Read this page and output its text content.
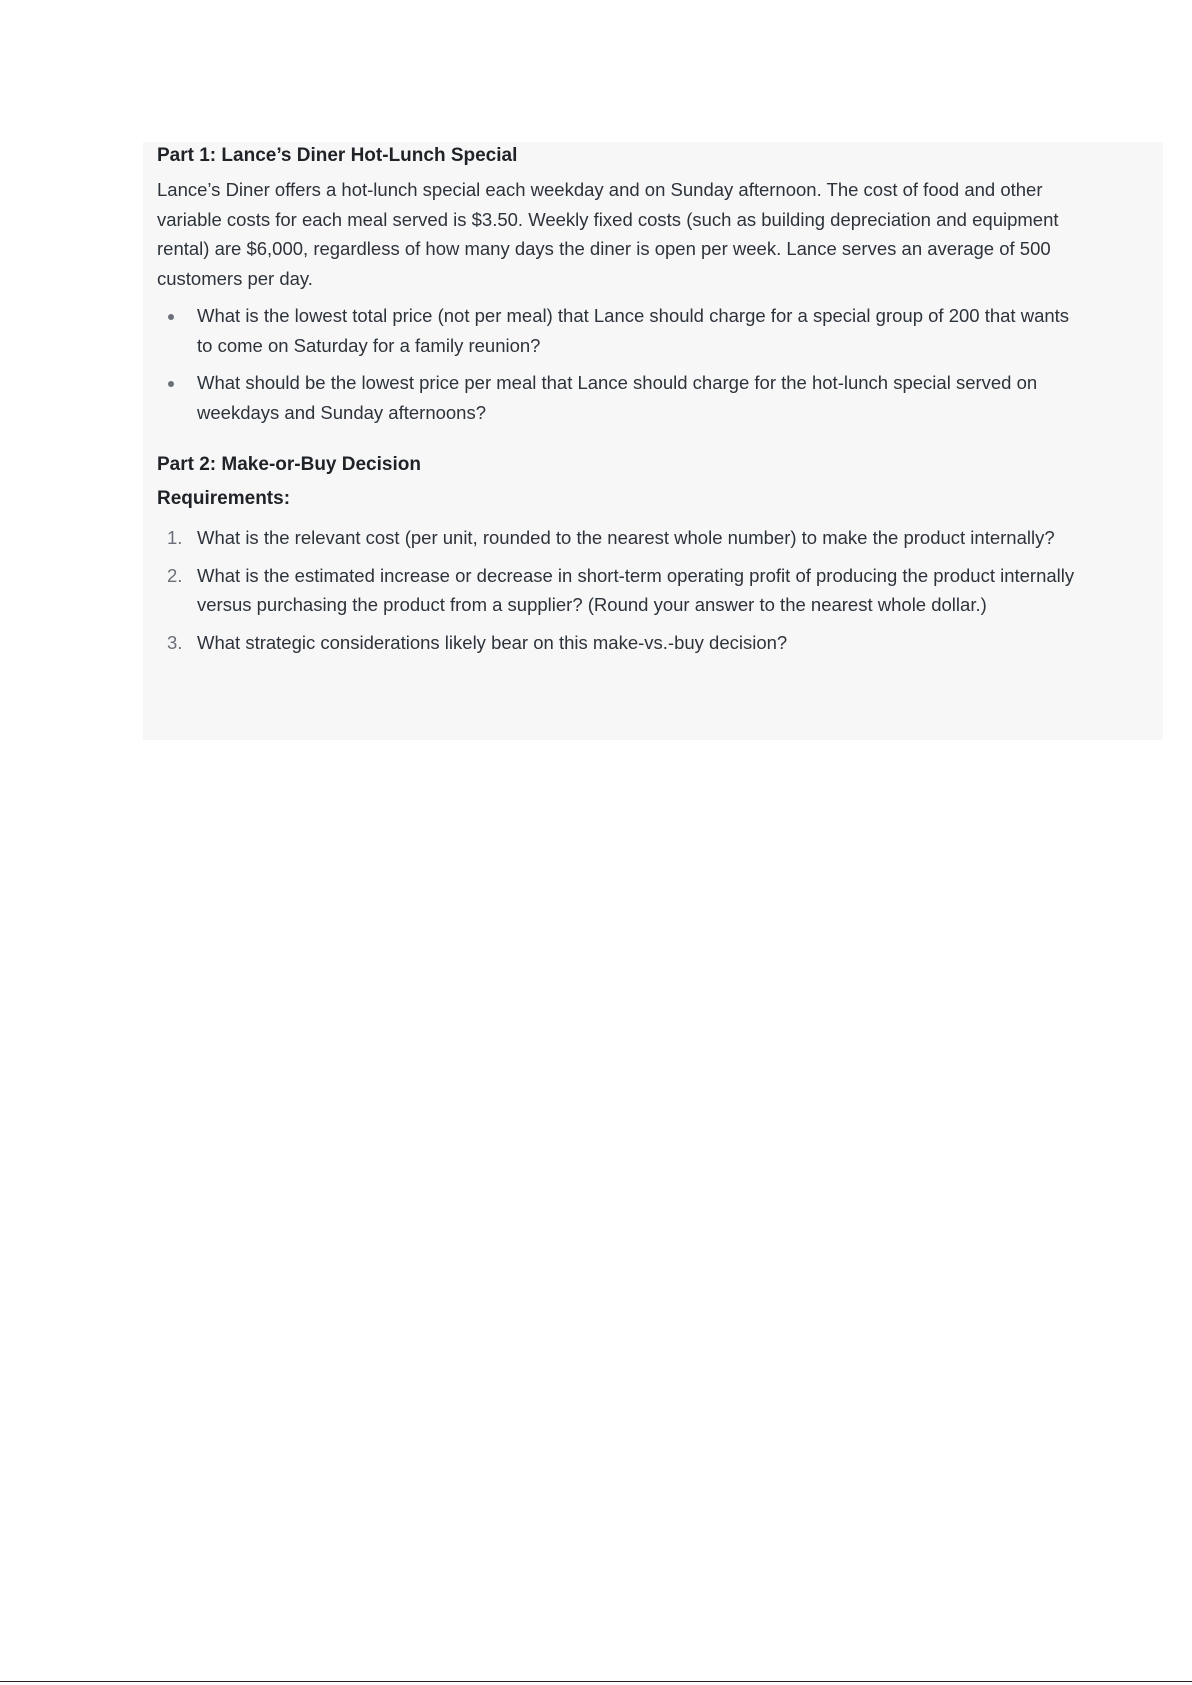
Part 1: Lance’s Diner Hot-Lunch Special

Lance’s Diner offers a hot-lunch special each weekday and on Sunday afternoon. The cost of food and other variable costs for each meal served is $3.50. Weekly fixed costs (such as building depreciation and equipment rental) are $6,000, regardless of how many days the diner is open per week. Lance serves an average of 500 customers per day.

What is the lowest total price (not per meal) that Lance should charge for a special group of 200 that wants to come on Saturday for a family reunion?
What should be the lowest price per meal that Lance should charge for the hot-lunch special served on weekdays and Sunday afternoons?
Part 2: Make-or-Buy Decision
Requirements:
1. What is the relevant cost (per unit, rounded to the nearest whole number) to make the product internally?
2. What is the estimated increase or decrease in short-term operating profit of producing the product internally versus purchasing the product from a supplier? (Round your answer to the nearest whole dollar.)
3. What strategic considerations likely bear on this make-vs.-buy decision?
